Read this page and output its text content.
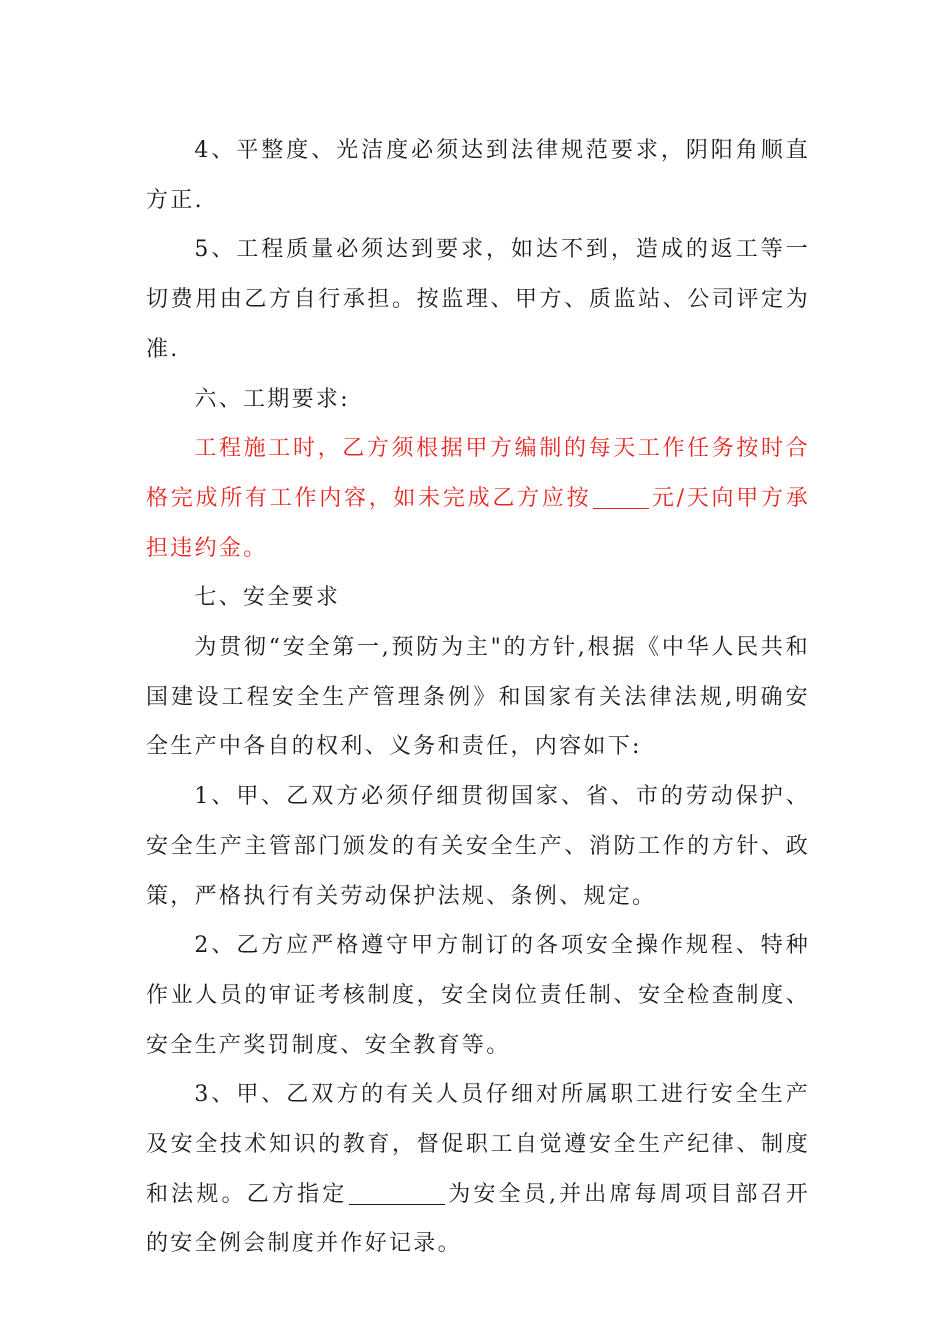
4、平整度、光洁度必须达到法律规范要求，阴阳角顺直方正.

5、工程质量必须达到要求，如达不到，造成的返工等一切费用由乙方自行承担。按监理、甲方、质监站、公司评定为准.

六、工期要求:

工程施工时，乙方须根据甲方编制的每天工作任务按时合格完成所有工作内容，如未完成乙方应按	元/天向甲方承担违约金。

七、安全要求

为贯彻“安全第一,预防为主"的方针,根据《中华人民共和国建设工程安全生产管理条例》和国家有关法律法规,明确安全生产中各自的权利、义务和责任，内容如下:

1、甲、乙双方必须仔细贯彻国家、省、市的劳动保护、安全生产主管部门颁发的有关安全生产、消防工作的方针、政策，严格执行有关劳动保护法规、条例、规定。

2、乙方应严格遵守甲方制订的各项安全操作规程、特种作业人员的审证考核制度，安全岗位责任制、安全检查制度、安全生产奖罚制度、安全教育等。

3、甲、乙双方的有关人员仔细对所属职工进行安全生产及安全技术知识的教育，督促职工自觉遵安全生产纪律、制度和法规。乙方指定	为安全员,并出席每周项目部召开的安全例会制度并作好记录。
